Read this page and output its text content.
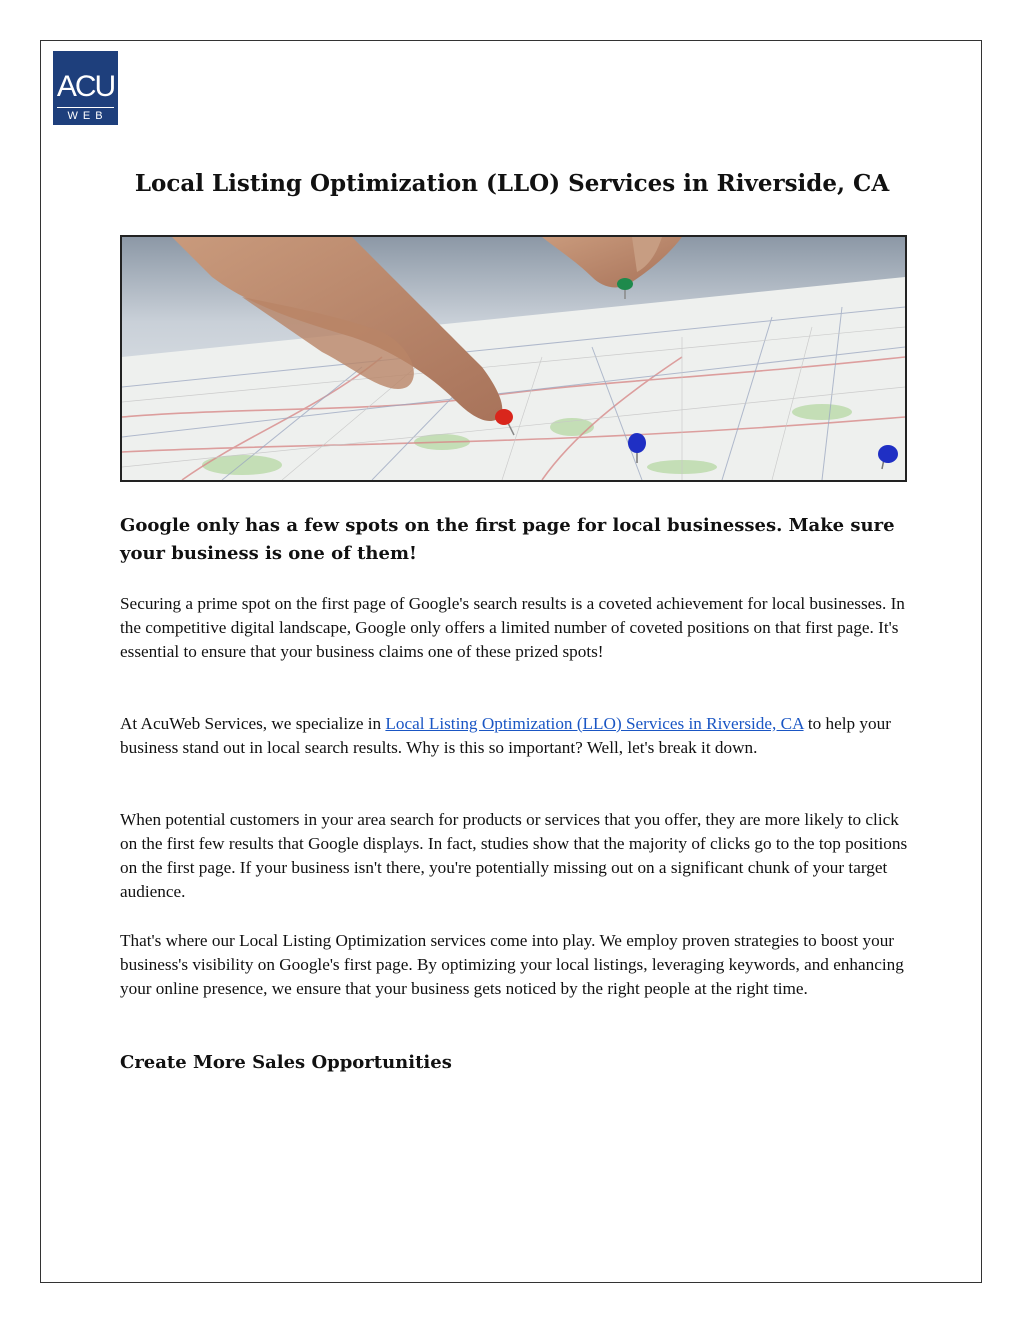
ACU
WEB
Local Listing Optimization (LLO) Services in Riverside, CA
Google only has a few spots on the first page for local businesses. Make sure your business is one of them!

Securing a prime spot on the first page of Google's search results is a coveted achievement for local businesses. In the competitive digital landscape, Google only offers a limited number of coveted positions on that first page. It's essential to ensure that your business claims one of these prized spots!

At AcuWeb Services, we specialize in Local Listing Optimization (LLO) Services in Riverside, CA to help your business stand out in local search results. Why is this so important? Well, let's break it down.

When potential customers in your area search for products or services that you offer, they are more likely to click on the first few results that Google displays. In fact, studies show that the majority of clicks go to the top positions on the first page. If your business isn't there, you're potentially missing out on a significant chunk of your target audience.

That's where our Local Listing Optimization services come into play. We employ proven strategies to boost your business's visibility on Google's first page. By optimizing your local listings, leveraging keywords, and enhancing your online presence, we ensure that your business gets noticed by the right people at the right time.

Create More Sales Opportunities
